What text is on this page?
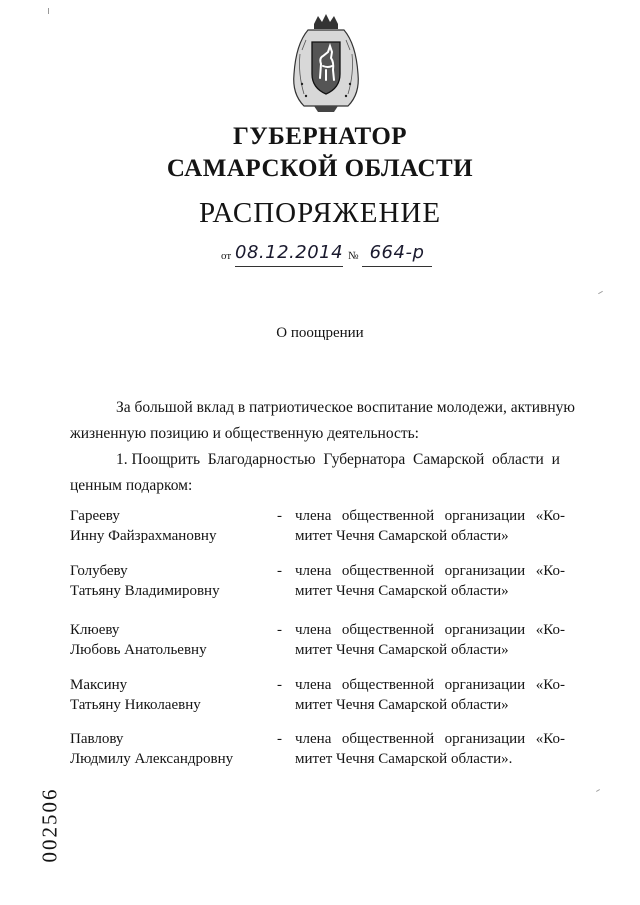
ГУБЕРНАТОР
САМАРСКОЙ ОБЛАСТИ
РАСПОРЯЖЕНИЕ
от 08.12.2014 № 664-р
О поощрении
За большой вклад в патриотическое воспитание молодежи, активную
жизненную позицию и общественную деятельность:
1. Поощрить  Благодарностью  Губернатора  Самарской  области  и
ценным подарком:
Гарееву
Инну Файзрахмановну
- члена общественной организации «Ко-
митет Чечня Самарской области»
Голубеву
Татьяну Владимировну
- члена общественной организации «Ко-
митет Чечня Самарской области»
Клюеву
Любовь Анатольевну
- члена общественной организации «Ко-
митет Чечня Самарской области»
Максину
Татьяну Николаевну
- члена общественной организации «Ко-
митет Чечня Самарской области»
Павлову
Людмилу Александровну
- члена общественной организации «Ко-
митет Чечня Самарской области».
002506
